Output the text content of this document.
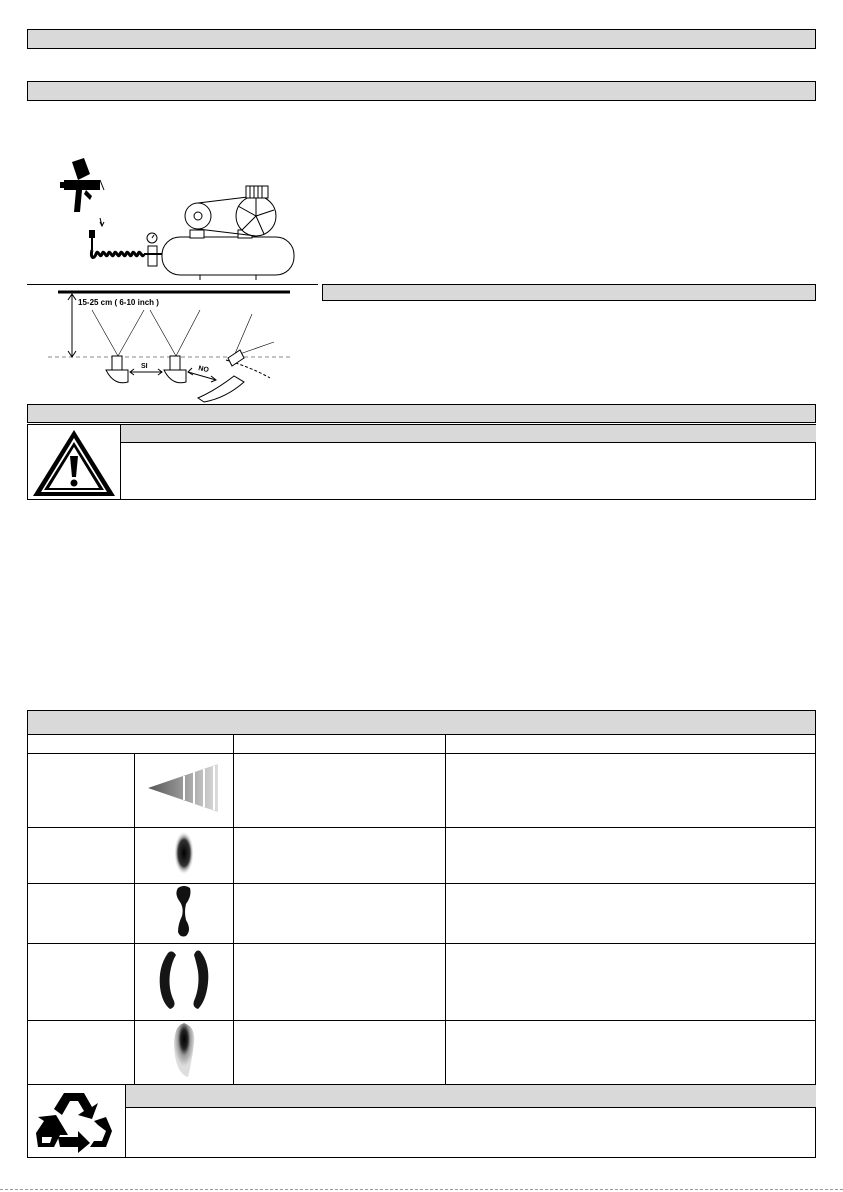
15-25 cm ( 6-10 inch )
SI	NO
